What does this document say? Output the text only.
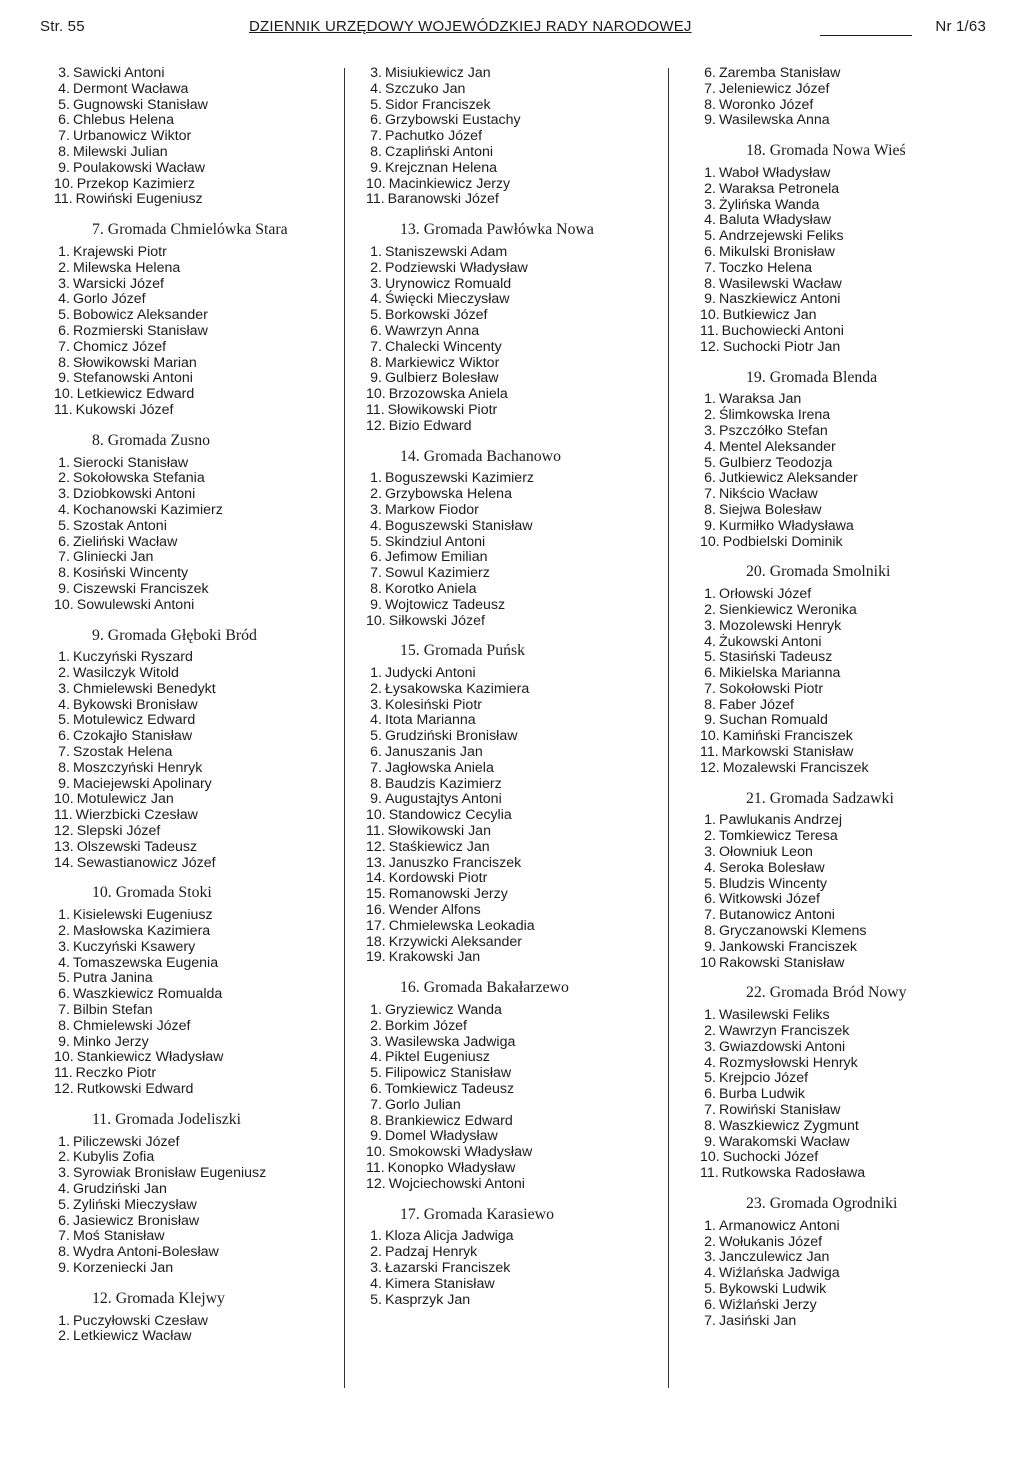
Str. 55	DZIENNIK URZĘDOWY WOJEWÓDZKIEJ RADY NARODOWEJ	Nr 1/63
3. Sawicki Antoni
4. Dermont Wacława
5. Gugnowski Stanisław
6. Chlebus Helena
7. Urbanowicz Wiktor
8. Milewski Julian
9. Poulakowski Wacław
10. Przekop Kazimierz
11. Rowiński Eugeniusz
7. Gromada Chmielówka Stara
1. Krajewski Piotr
2. Milewska Helena
3. Warsicki Józef
4. Gorlo Józef
5. Bobowicz Aleksander
6. Rozmierski Stanisław
7. Chomicz Józef
8. Słowikowski Marian
9. Stefanowski Antoni
10. Letkiewicz Edward
11. Kukowski Józef
8. Gromada Zusno
1. Sierocki Stanisław
2. Sokołowska Stefania
3. Dziobkowski Antoni
4. Kochanowski Kazimierz
5. Szostak Antoni
6. Zieliński Wacław
7. Gliniecki Jan
8. Kosiński Wincenty
9. Ciszewski Franciszek
10. Sowulewski Antoni
9. Gromada Głęboki Bród
1. Kuczyński Ryszard
2. Wasilczyk Witold
3. Chmielewski Benedykt
4. Bykowski Bronisław
5. Motulewicz Edward
6. Czokajło Stanisław
7. Szostak Helena
8. Moszczyński Henryk
9. Maciejewski Apolinary
10. Motulewicz Jan
11. Wierzbicki Czesław
12. Slepski Józef
13. Olszewski Tadeusz
14. Sewastianowicz Józef
10. Gromada Stoki
1. Kisielewski Eugeniusz
2. Masłowska Kazimiera
3. Kuczyński Ksawery
4. Tomaszewska Eugenia
5. Putra Janina
6. Waszkiewicz Romualda
7. Bilbin Stefan
8. Chmielewski Józef
9. Minko Jerzy
10. Stankiewicz Władysław
11. Reczko Piotr
12. Rutkowski Edward
11. Gromada Jodeliszki
1. Piliczewski Józef
2. Kubylis Zofia
3. Syrowiak Bronisław Eugeniusz
4. Grudziński Jan
5. Zyliński Mieczysław
6. Jasiewicz Bronisław
7. Moś Stanisław
8. Wydra Antoni-Bolesław
9. Korzeniecki Jan
12. Gromada Klejwy
1. Puczyłowski Czesław
2. Letkiewicz Wacław
3. Misiukiewicz Jan
4. Szczuko Jan
5. Sidor Franciszek
6. Grzybowski Eustachy
7. Pachutko Józef
8. Czapliński Antoni
9. Krejcznan Helena
10. Macinkiewicz Jerzy
11. Baranowski Józef
13. Gromada Pawłówka Nowa
1. Staniszewski Adam
2. Podziewski Władysław
3. Urynowicz Romuald
4. Święcki Mieczysław
5. Borkowski Józef
6. Wawrzyn Anna
7. Chalecki Wincenty
8. Markiewicz Wiktor
9. Gulbierz Bolesław
10. Brzozowska Aniela
11. Słowikowski Piotr
12. Bizio Edward
14. Gromada Bachanowo
1. Boguszewski Kazimierz
2. Grzybowska Helena
3. Markow Fiodor
4. Boguszewski Stanisław
5. Skindziul Antoni
6. Jefimow Emilian
7. Sowul Kazimierz
8. Korotko Aniela
9. Wojtowicz Tadeusz
10. Siłkowski Józef
15. Gromada Puńsk
1. Judycki Antoni
2. Łysakowska Kazimiera
3. Kolesiński Piotr
4. Itota Marianna
5. Grudziński Bronisław
6. Januszanis Jan
7. Jagłowska Aniela
8. Baudzis Kazimierz
9. Augustajtys Antoni
10. Standowicz Cecylia
11. Słowikowski Jan
12. Staśkiewicz Jan
13. Januszko Franciszek
14. Kordowski Piotr
15. Romanowski Jerzy
16. Wender Alfons
17. Chmielewska Leokadia
18. Krzywicki Aleksander
19. Krakowski Jan
16. Gromada Bakałarzewo
1. Gryziewicz Wanda
2. Borkim Józef
3. Wasilewska Jadwiga
4. Piktel Eugeniusz
5. Filipowicz Stanisław
6. Tomkiewicz Tadeusz
7. Gorlo Julian
8. Brankiewicz Edward
9. Domel Władysław
10. Smokowski Władysław
11. Konopko Władysław
12. Wojciechowski Antoni
17. Gromada Karasiewo
1. Kloza Alicja Jadwiga
2. Padzaj Henryk
3. Łazarski Franciszek
4. Kimera Stanisław
5. Kasprzyk Jan
6. Zaremba Stanisław
7. Jeleniewicz Józef
8. Woronko Józef
9. Wasilewska Anna
18. Gromada Nowa Wieś
1. Waboł Władysław
2. Waraksa Petronela
3. Żylińska Wanda
4. Baluta Władysław
5. Andrzejewski Feliks
6. Mikulski Bronisław
7. Toczko Helena
8. Wasilewski Wacław
9. Naszkiewicz Antoni
10. Butkiewicz Jan
11. Buchowiecki Antoni
12. Suchocki Piotr Jan
19. Gromada Blenda
1. Waraksa Jan
2. Ślimkowska Irena
3. Pszczółko Stefan
4. Mentel Aleksander
5. Gulbierz Teodozja
6. Jutkiewicz Aleksander
7. Nikścio Wacław
8. Siejwa Bolesław
9. Kurmiłko Władysława
10. Podbielski Dominik
20. Gromada Smolniki
1. Orłowski Józef
2. Sienkiewicz Weronika
3. Mozolewski Henryk
4. Żukowski Antoni
5. Stasiński Tadeusz
6. Mikielska Marianna
7. Sokołowski Piotr
8. Faber Józef
9. Suchan Romuald
10. Kamiński Franciszek
11. Markowski Stanisław
12. Mozalewski Franciszek
21. Gromada Sadzawki
1. Pawlukanis Andrzej
2. Tomkiewicz Teresa
3. Ołowniuk Leon
4. Seroka Bolesław
5. Bludzis Wincenty
6. Witkowski Józef
7. Butanowicz Antoni
8. Gryczanowski Klemens
9. Jankowski Franciszek
10 Rakowski Stanisław
22. Gromada Bród Nowy
1. Wasilewski Feliks
2. Wawrzyn Franciszek
3. Gwiazdowski Antoni
4. Rozmysłowski Henryk
5. Krejpcio Józef
6. Burba Ludwik
7. Rowiński Stanisław
8. Waszkiewicz Zygmunt
9. Warakomski Wacław
10. Suchocki Józef
11. Rutkowska Radosława
23. Gromada Ogrodniki
1. Armanowicz Antoni
2. Wołukanis Józef
3. Janczulewicz Jan
4. Wiźlańska Jadwiga
5. Bykowski Ludwik
6. Wiźlański Jerzy
7. Jasiński Jan
